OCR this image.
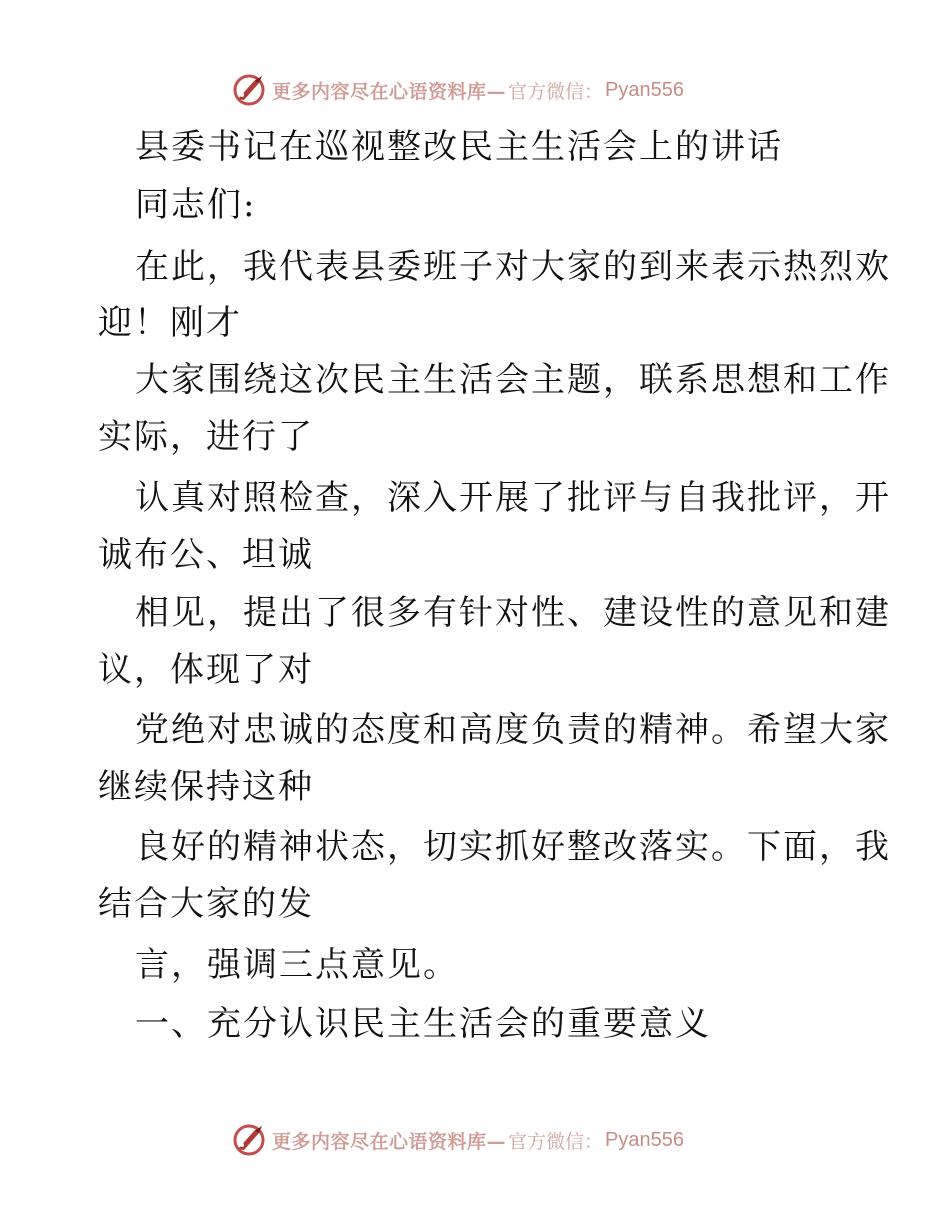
更多内容尽在心语资料库— 官方微信： Pyan556
县委书记在巡视整改民主生活会上的讲话
同志们:
在此，我代表县委班子对大家的到来表示热烈欢
迎！刚才
大家围绕这次民主生活会主题，联系思想和工作
实际，进行了
认真对照检查，深入开展了批评与自我批评，开
诚布公、坦诚
相见，提出了很多有针对性、建设性的意见和建
议，体现了对
党绝对忠诚的态度和高度负责的精神。希望大家
继续保持这种
良好的精神状态，切实抓好整改落实。下面，我
结合大家的发
言，强调三点意见。
一、充分认识民主生活会的重要意义
更多内容尽在心语资料库— 官方微信： Pyan556
